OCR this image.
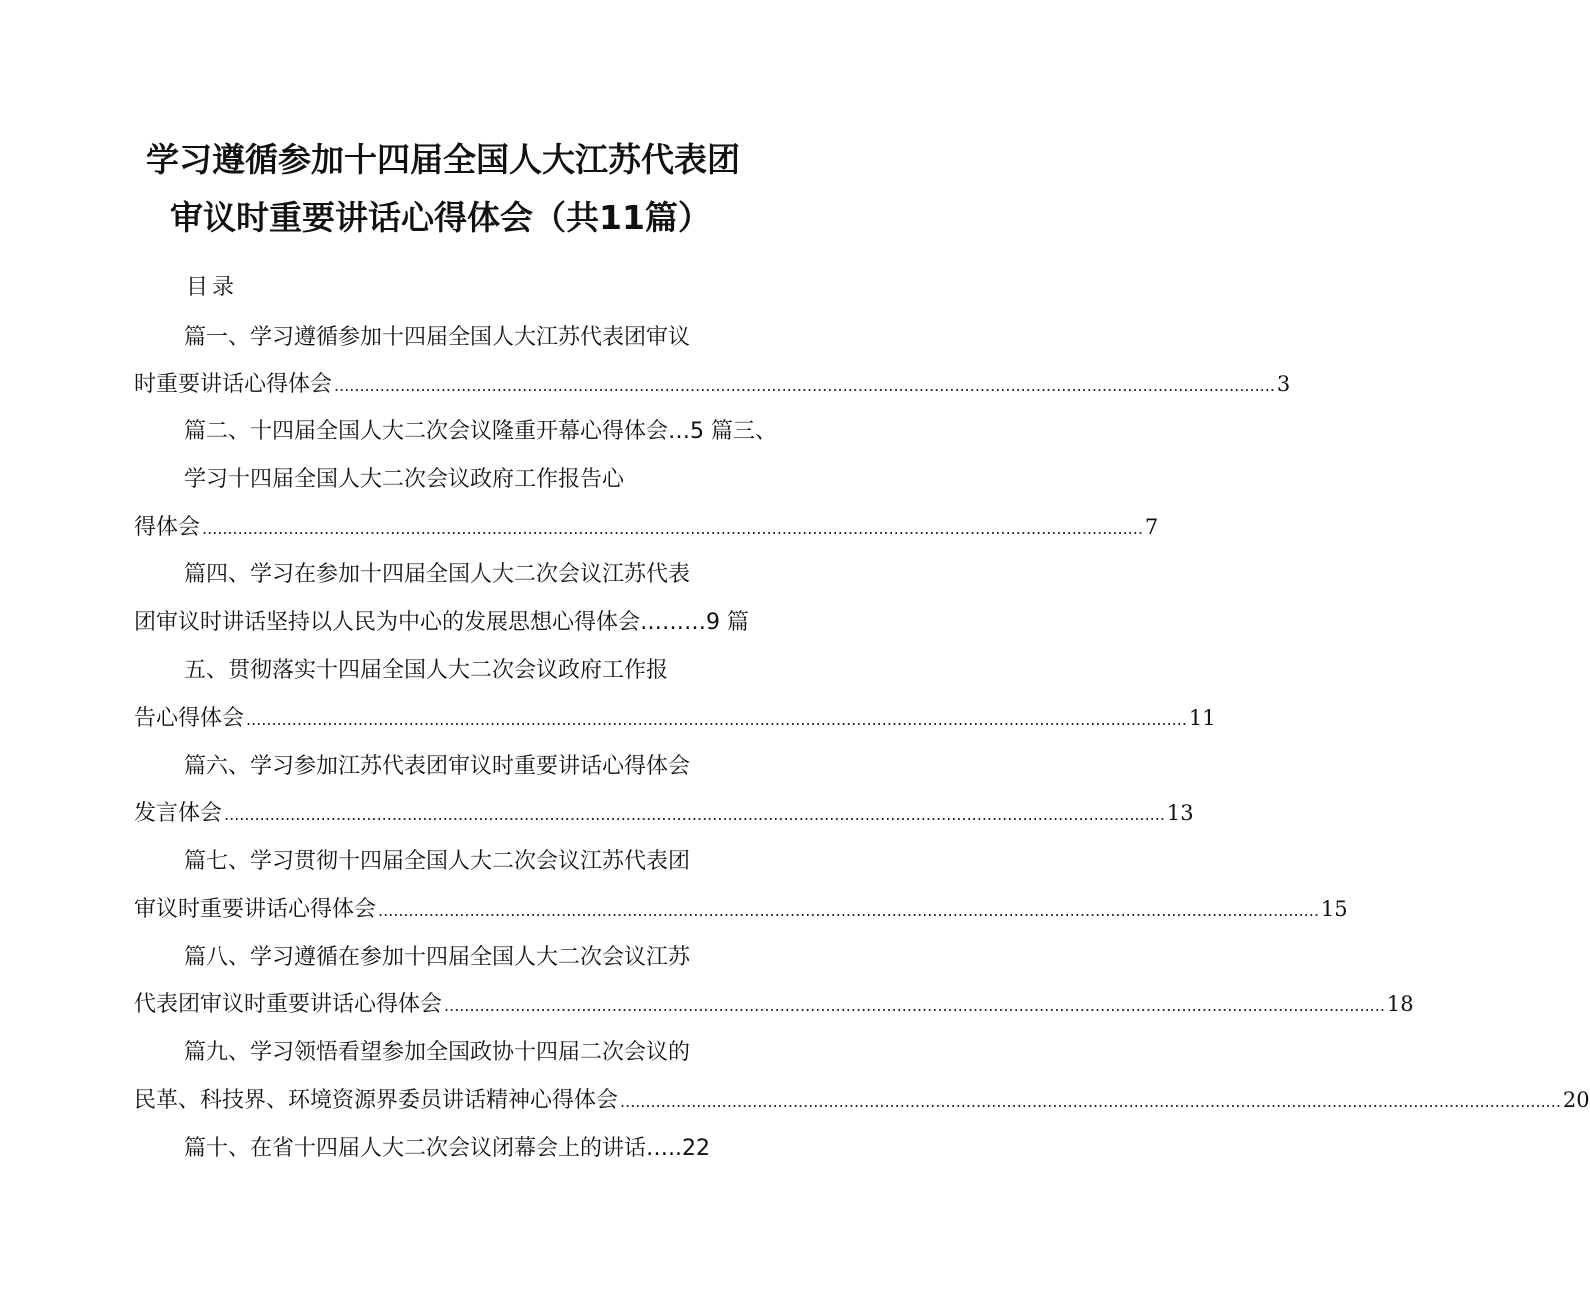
学习遵循参加十四届全国人大江苏代表团
审议时重要讲话心得体会（共11篇）
目录
篇一、学习遵循参加十四届全国人大江苏代表团审议
时重要讲话心得体会 ......................................................................................................................................................................................... 3
篇二、十四届全国人大二次会议隆重开幕心得体会…5 篇三、
学习十四届全国人大二次会议政府工作报告心
得体会 ......................................................................................................................................................................................... 7
篇四、学习在参加十四届全国人大二次会议江苏代表
团审议时讲话坚持以人民为中心的发展思想心得体会………9 篇
五、贯彻落实十四届全国人大二次会议政府工作报
告心得体会 ......................................................................................................................................................................................... 11
篇六、学习参加江苏代表团审议时重要讲话心得体会
发言体会 ......................................................................................................................................................................................... 13
篇七、学习贯彻十四届全国人大二次会议江苏代表团
审议时重要讲话心得体会 ......................................................................................................................................................................................... 15
篇八、学习遵循在参加十四届全国人大二次会议江苏
代表团审议时重要讲话心得体会 ......................................................................................................................................................................................... 18
篇九、学习领悟看望参加全国政协十四届二次会议的
民革、科技界、环境资源界委员讲话精神心得体会 ......................................................................................................................................................................................... 20
篇十、在省十四届人大二次会议闭幕会上的讲话…..22
